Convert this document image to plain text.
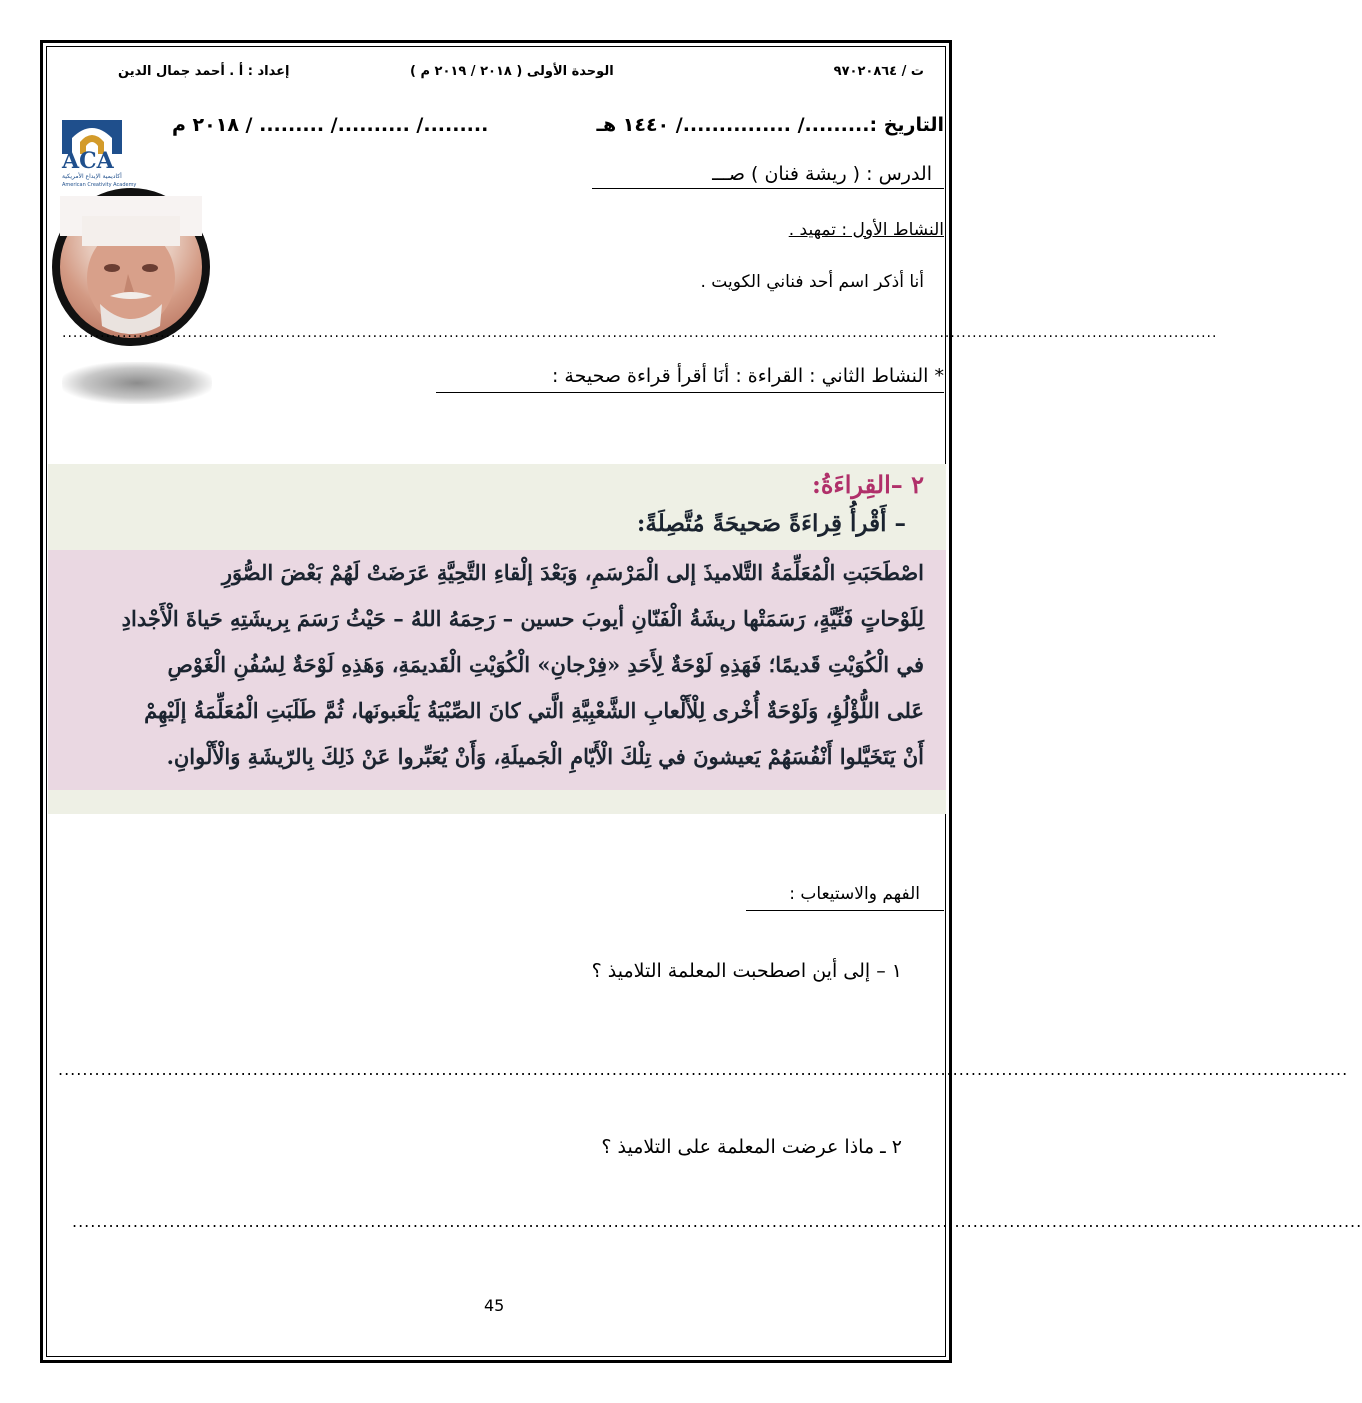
ت / ٩٧٠٢٠٨٦٤
الوحدة الأولى ( ٢٠١٨ / ٢٠١٩ م )
إعداد : أ . أحمد جمال الدين
التاريخ :........./ .............../ ١٤٤٠ هـ
........./ ........../ ......... / ٢٠١٨ م
ACA
أكاديمية الإبداع الأمريكية
American Creativity Academy	الدرس : ( ريشة فنان ) صـــ
النشاط الأول : تمهيد .
أنا أذكر اسم أحد فناني الكويت .
....................................................................................................................................................................................................................
* النشاط الثاني : القراءة : أنَا أقرأ قراءة صحيحة :
٢ –القِراءَةُ:
– أَقْرأُ قِراءَةً صَحيحَةً مُتَّصِلَةً:
اصْطَحَبَتِ الْمُعَلِّمَةُ التَّلاميذَ إلى الْمَرْسَمِ، وَبَعْدَ إلْقاءِ التَّحِيَّةِ عَرَضَتْ لَهُمْ بَعْضَ الصُّوَرِ
لِلَوْحاتٍ فَنِّيَّةٍ، رَسَمَتْها ريشَةُ الْفَنّانِ أيوبَ حسين – رَحِمَهُ اللهُ – حَيْثُ رَسَمَ بِريشَتِهِ حَياةَ الْأَجْدادِ
في الْكُوَيْتِ قَديمًا؛ فَهَذِهِ لَوْحَةٌ لِأَحَدِ «فِرْجانِ» الْكُوَيْتِ الْقَديمَةِ، وَهَذِهِ لَوْحَةٌ لِسُفُنِ الْغَوْصِ
عَلى اللُّؤْلُؤِ، وَلَوْحَةٌ أُخْرى لِلْأَلْعابِ الشَّعْبِيَّةِ الَّتي كانَ الصِّبْيَةُ يَلْعَبونَها، ثُمَّ طَلَبَتِ الْمُعَلِّمَةُ إلَيْهِمْ
أَنْ يَتَخَيَّلوا أَنْفُسَهُمْ يَعيشونَ في تِلْكَ الْأَيّامِ الْجَميلَةِ، وَأَنْ يُعَبِّروا عَنْ ذَلِكَ بِالرّيشَةِ وَالْأَلْوانِ.
الفهم والاستيعاب :
١ – إلى أين اصطحبت المعلمة التلاميذ ؟
....................................................................................................................................................................................................................
٢ ـ ماذا عرضت المعلمة على التلاميذ ؟
....................................................................................................................................................................................................................
45
